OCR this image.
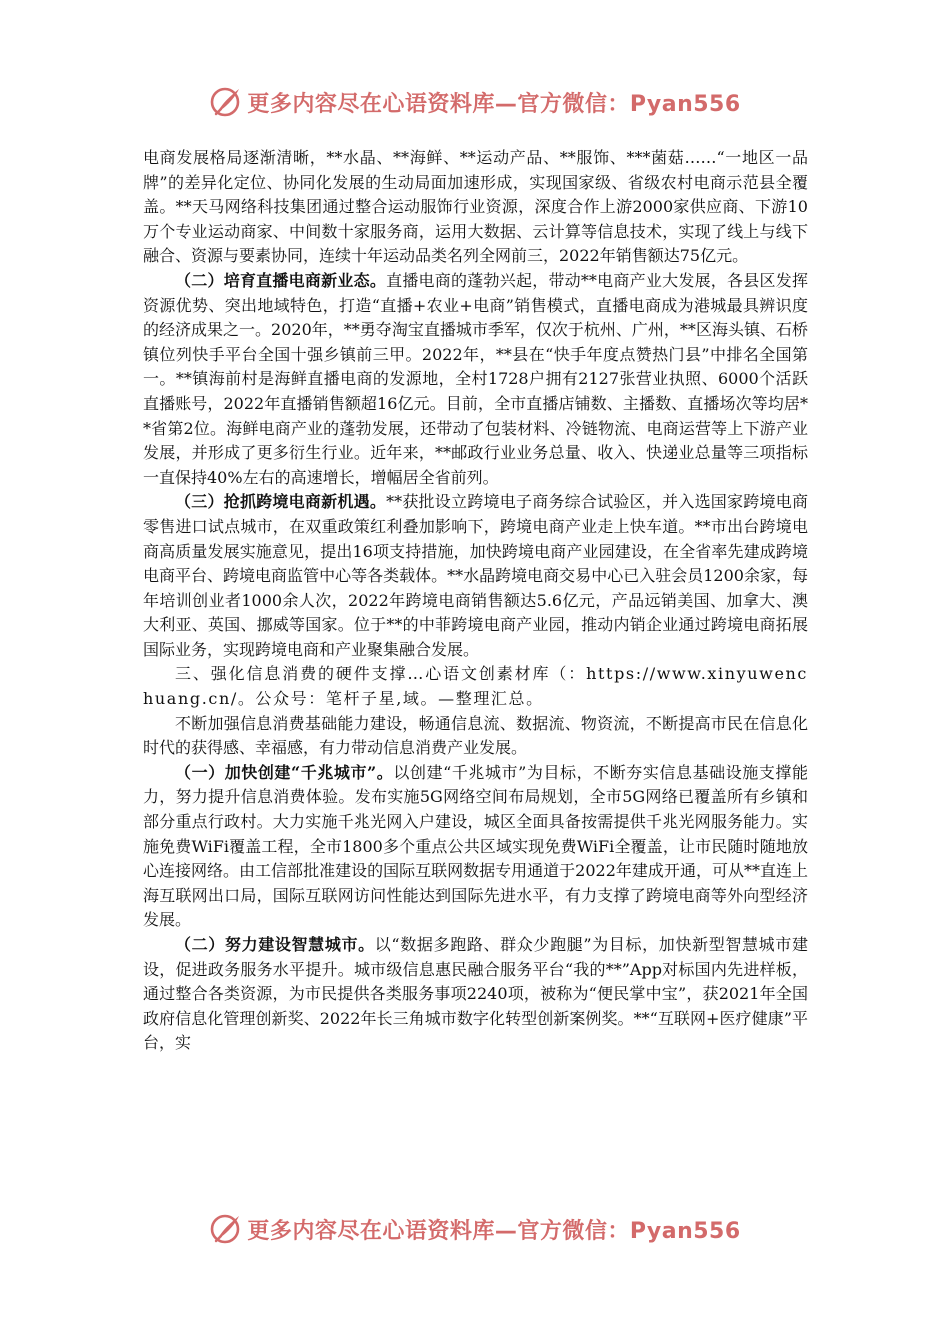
更多内容尽在心语资料库—官方微信：Pyan556

电商发展格局逐渐清晰，**水晶、**海鲜、**运动产品、**服饰、***菌菇……“一地区一品牌”的差异化定位、协同化发展的生动局面加速形成，实现国家级、省级农村电商示范县全覆盖。**天马网络科技集团通过整合运动服饰行业资源，深度合作上游2000家供应商、下游10万个专业运动商家、中间数十家服务商，运用大数据、云计算等信息技术，实现了线上与线下融合、资源与要素协同，连续十年运动品类名列全网前三，2022年销售额达75亿元。

（二）培育直播电商新业态。直播电商的蓬勃兴起，带动**电商产业大发展，各县区发挥资源优势、突出地域特色，打造“直播+农业+电商”销售模式，直播电商成为港城最具辨识度的经济成果之一。2020年，**勇夺淘宝直播城市季军，仅次于杭州、广州，**区海头镇、石桥镇位列快手平台全国十强乡镇前三甲。2022年，**县在“快手年度点赞热门县”中排名全国第一。**镇海前村是海鲜直播电商的发源地，全村1728户拥有2127张营业执照、6000个活跃直播账号，2022年直播销售额超16亿元。目前，全市直播店铺数、主播数、直播场次等均居**省第2位。海鲜电商产业的蓬勃发展，还带动了包装材料、冷链物流、电商运营等上下游产业发展，并形成了更多衍生行业。近年来，**邮政行业业务总量、收入、快递业总量等三项指标一直保持40%左右的高速增长，增幅居全省前列。

（三）抢抓跨境电商新机遇。**获批设立跨境电子商务综合试验区，并入选国家跨境电商零售进口试点城市，在双重政策红利叠加影响下，跨境电商产业走上快车道。**市出台跨境电商高质量发展实施意见，提出16项支持措施，加快跨境电商产业园建设，在全省率先建成跨境电商平台、跨境电商监管中心等各类载体。**水晶跨境电商交易中心已入驻会员1200余家，每年培训创业者1000余人次，2022年跨境电商销售额达5.6亿元，产品远销美国、加拿大、澳大利亚、英国、挪威等国家。位于**的中菲跨境电商产业园，推动内销企业通过跨境电商拓展国际业务，实现跨境电商和产业聚集融合发展。

三、强化信息消费的硬件支撑…心语文创素材库（：https://www.xinyuwenchuang.cn/。公众号：笔杆子星,域。—整理汇总。

不断加强信息消费基础能力建设，畅通信息流、数据流、物资流，不断提高市民在信息化时代的获得感、幸福感，有力带动信息消费产业发展。

（一）加快创建“千兆城市”。以创建“千兆城市”为目标，不断夯实信息基础设施支撑能力，努力提升信息消费体验。发布实施5G网络空间布局规划，全市5G网络已覆盖所有乡镇和部分重点行政村。大力实施千兆光网入户建设，城区全面具备按需提供千兆光网服务能力。实施免费WiFi覆盖工程，全市1800多个重点公共区域实现免费WiFi全覆盖，让市民随时随地放心连接网络。由工信部批准建设的国际互联网数据专用通道于2022年建成开通，可从**直连上海互联网出口局，国际互联网访问性能达到国际先进水平，有力支撑了跨境电商等外向型经济发展。

（二）努力建设智慧城市。以“数据多跑路、群众少跑腿”为目标，加快新型智慧城市建设，促进政务服务水平提升。城市级信息惠民融合服务平台“我的**”App对标国内先进样板，通过整合各类资源，为市民提供各类服务事项2240项，被称为“便民掌中宝”，获2021年全国政府信息化管理创新奖、2022年长三角城市数字化转型创新案例奖。**“互联网+医疗健康”平台，实

更多内容尽在心语资料库—官方微信：Pyan556
